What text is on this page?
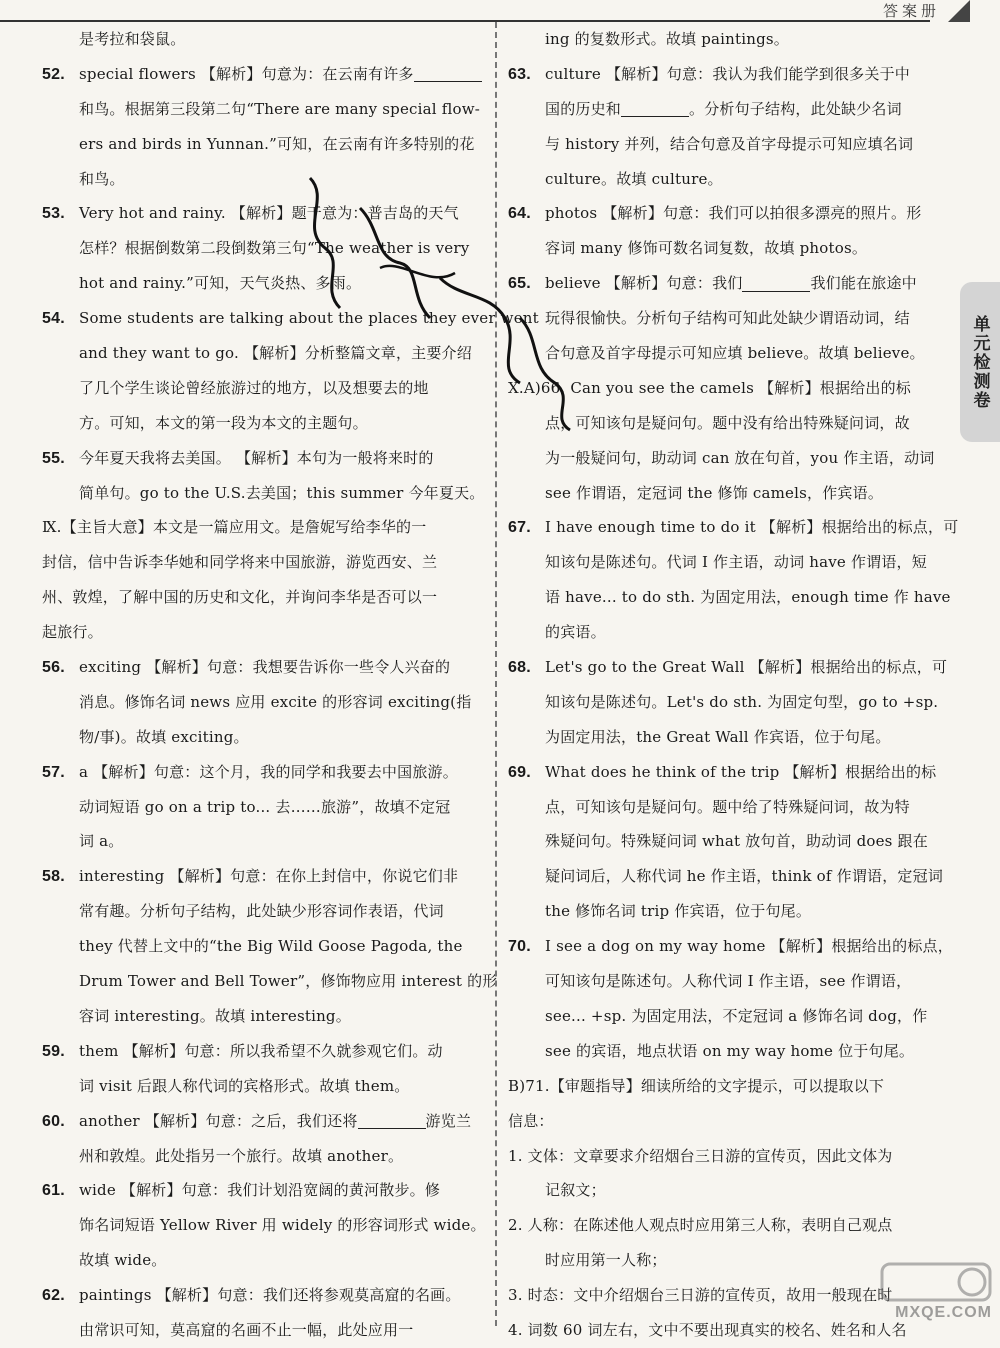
答案册
是考拉和袋鼠。
52. special flowers 【解析】句意为：在云南有许多
和鸟。根据第三段第二句“There are many special flow-
ers and birds in Yunnan.”可知，在云南有许多特别的花
和鸟。
53. Very hot and rainy. 【解析】题干意为：普吉岛的天气
怎样？根据倒数第二段倒数第三句“The weather is very
hot and rainy.”可知，天气炎热、多雨。
54. Some students are talking about the places they ever went
and they want to go. 【解析】分析整篇文章，主要介绍
了几个学生谈论曾经旅游过的地方，以及想要去的地
方。可知，本文的第一段为本文的主题句。
55. 今年夏天我将去美国。 【解析】本句为一般将来时的
简单句。go to the U.S.去美国；this summer 今年夏天。
Ⅸ.【主旨大意】本文是一篇应用文。是詹妮写给李华的一
封信，信中告诉李华她和同学将来中国旅游，游览西安、兰
州、敦煌，了解中国的历史和文化，并询问李华是否可以一
起旅行。
56. exciting 【解析】句意：我想要告诉你一些令人兴奋的
消息。修饰名词 news 应用 excite 的形容词 exciting(指
物/事)。故填 exciting。
57. a 【解析】句意：这个月，我的同学和我要去中国旅游。
动词短语 go on a trip to... 去……旅游”，故填不定冠
词 a。
58. interesting 【解析】句意：在你上封信中，你说它们非
常有趣。分析句子结构，此处缺少形容词作表语，代词
they 代替上文中的“the Big Wild Goose Pagoda, the
Drum Tower and Bell Tower”，修饰物应用 interest 的形
容词 interesting。故填 interesting。
59. them 【解析】句意：所以我希望不久就参观它们。动
词 visit 后跟人称代词的宾格形式。故填 them。
60. another 【解析】句意：之后，我们还将	游览兰
州和敦煌。此处指另一个旅行。故填 another。
61. wide 【解析】句意：我们计划沿宽阔的黄河散步。修
饰名词短语 Yellow River 用 widely 的形容词形式 wide。
故填 wide。
62. paintings 【解析】句意：我们还将参观莫高窟的名画。
由常识可知，莫高窟的名画不止一幅，此处应用一
ing 的复数形式。故填 paintings。
63. culture 【解析】句意：我认为我们能学到很多关于中
国的历史和	。分析句子结构，此处缺少名词
与 history 并列，结合句意及首字母提示可知应填名词
culture。故填 culture。
64. photos 【解析】句意：我们可以拍很多漂亮的照片。形
容词 many 修饰可数名词复数，故填 photos。
65. believe 【解析】句意：我们	我们能在旅途中
玩得很愉快。分析句子结构可知此处缺少谓语动词，结
合句意及首字母提示可知应填 believe。故填 believe。
Ⅹ.A)66. Can you see the camels 【解析】根据给出的标
点，可知该句是疑问句。题中没有给出特殊疑问词，故
为一般疑问句，助动词 can 放在句首，you 作主语，动词
see 作谓语，定冠词 the 修饰 camels，作宾语。
67. I have enough time to do it 【解析】根据给出的标点，可
知该句是陈述句。代词 I 作主语，动词 have 作谓语，短
语 have... to do sth. 为固定用法，enough time 作 have
的宾语。
68. Let's go to the Great Wall 【解析】根据给出的标点，可
知该句是陈述句。Let's do sth. 为固定句型，go to +sp.
为固定用法，the Great Wall 作宾语，位于句尾。
69. What does he think of the trip 【解析】根据给出的标
点，可知该句是疑问句。题中给了特殊疑问词，故为特
殊疑问句。特殊疑问词 what 放句首，助动词 does 跟在
疑问词后，人称代词 he 作主语，think of 作谓语，定冠词
the 修饰名词 trip 作宾语，位于句尾。
70. I see a dog on my way home 【解析】根据给出的标点，
可知该句是陈述句。人称代词 I 作主语，see 作谓语，
see... +sp. 为固定用法，不定冠词 a 修饰名词 dog，作
see 的宾语，地点状语 on my way home 位于句尾。
B)71.【审题指导】细读所给的文字提示，可以提取以下
信息：
1. 文体：文章要求介绍烟台三日游的宣传页，因此文体为
记叙文；
2. 人称：在陈述他人观点时应用第三人称，表明自己观点
时应用第一人称；
3. 时态：文中介绍烟台三日游的宣传页，故用一般现在时
4. 词数 60 词左右，文中不要出现真实的校名、姓名和人名
单元检测卷
MXQE.COM
